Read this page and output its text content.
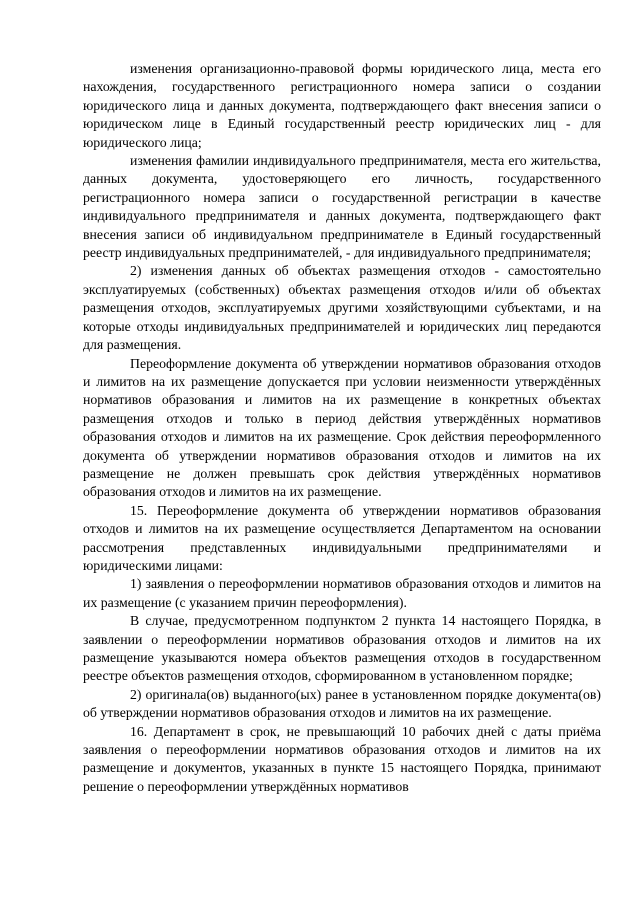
изменения организационно-правовой формы юридического лица, места его нахождения, государственного регистрационного номера записи о создании юридического лица и данных документа, подтверждающего факт внесения записи о юридическом лице в Единый государственный реестр юридических лиц - для юридического лица;

изменения фамилии индивидуального предпринимателя, места его жительства, данных документа, удостоверяющего его личность, государственного регистрационного номера записи о государственной регистрации в качестве индивидуального предпринимателя и данных документа, подтверждающего факт внесения записи об индивидуальном предпринимателе в Единый государственный реестр индивидуальных предпринимателей, - для индивидуального предпринимателя;

2) изменения данных об объектах размещения отходов - самостоятельно эксплуатируемых (собственных) объектах размещения отходов и/или об объектах размещения отходов, эксплуатируемых другими хозяйствующими субъектами, и на которые отходы индивидуальных предпринимателей и юридических лиц передаются для размещения.

Переоформление документа об утверждении нормативов образования отходов и лимитов на их размещение допускается при условии неизменности утверждённых нормативов образования и лимитов на их размещение в конкретных объектах размещения отходов и только в период действия утверждённых нормативов образования отходов и лимитов на их размещение. Срок действия переоформленного документа об утверждении нормативов образования отходов и лимитов на их размещение не должен превышать срок действия утверждённых нормативов образования отходов и лимитов на их размещение.

15. Переоформление документа об утверждении нормативов образования отходов и лимитов на их размещение осуществляется Департаментом на основании рассмотрения представленных индивидуальными предпринимателями и юридическими лицами:

1) заявления о переоформлении нормативов образования отходов и лимитов на их размещение (с указанием причин переоформления).

В случае, предусмотренном подпунктом 2 пункта 14 настоящего Порядка, в заявлении о переоформлении нормативов образования отходов и лимитов на их размещение указываются номера объектов размещения отходов в государственном реестре объектов размещения отходов, сформированном в установленном порядке;

2) оригинала(ов) выданного(ых) ранее в установленном порядке документа(ов) об утверждении нормативов образования отходов и лимитов на их размещение.

16. Департамент в срок, не превышающий 10 рабочих дней с даты приёма заявления о переоформлении нормативов образования отходов и лимитов на их размещение и документов, указанных в пункте 15 настоящего Порядка, принимают решение о переоформлении утверждённых нормативов
